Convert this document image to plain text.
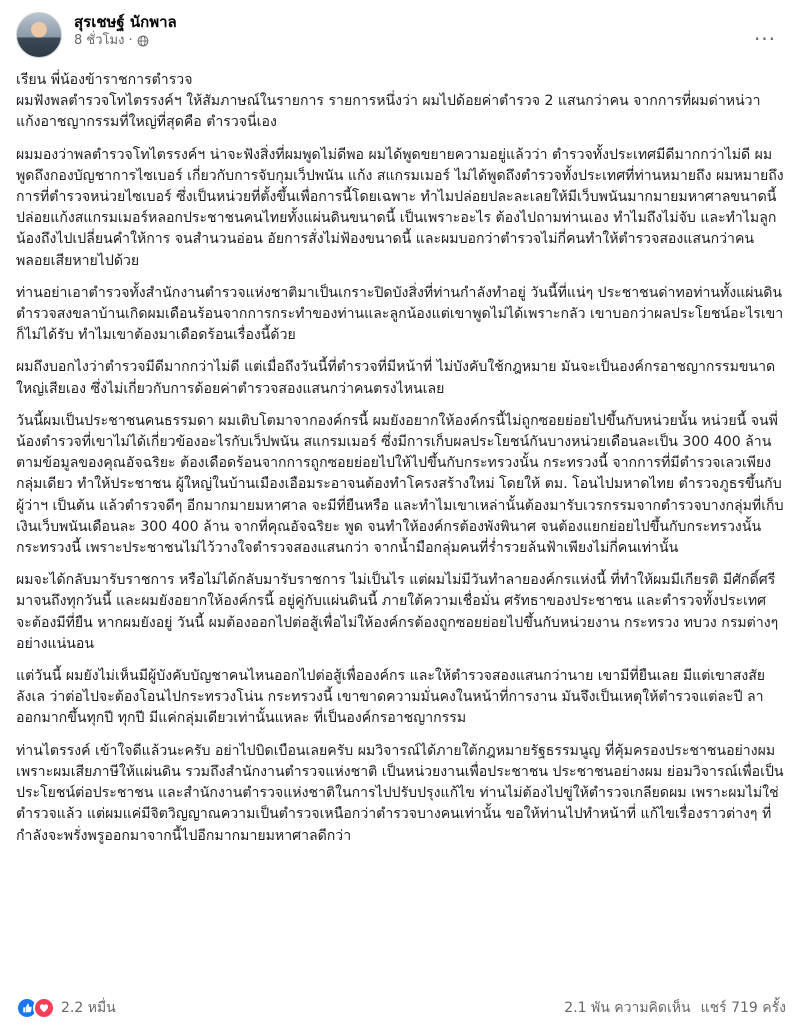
สุรเชษฐ์ นักพาล
8 ชั่วโมง ·	···

เรียน พี่น้องข้าราชการตำรวจ
ผมฟังพลตำรวจโทไตรรงค์ฯ ให้สัมภาษณ์ในรายการ รายการหนึ่งว่า ผมไปด้อยค่าตำรวจ 2 แสนกว่าคน จากการที่ผมด่าหน่วา แก้งอาชญากรรมที่ใหญ่ที่สุดคือ ตำรวจนี่เอง

ผมมองว่าพลตำรวจโทไตรรงค์ฯ น่าจะฟังสิ่งที่ผมพูดไม่ดีพอ ผมได้พูดขยายความอยู่แล้วว่า ตำรวจทั้งประเทศมีดีมากกว่าไม่ดี ผมพูดถึงกองบัญชาการไซเบอร์ เกี่ยวกับการจับกุมเว็ปพนัน แก้ง สแกรมเมอร์ ไม่ได้พูดถึงตำรวจทั้งประเทศที่ท่านหมายถึง ผมหมายถึงการที่ตำรวจหน่วยไซเบอร์ ซึ่งเป็นหน่วยที่ตั้งขึ้นเพื่อการนี้โดยเฉพาะ ทำไมปล่อยปละละเลยให้มีเว็บพนันมากมายมหาศาลขนาดนี้ ปล่อยแก้งสแกรมเมอร์หลอกประชาชนคนไทยทั้งแผ่นดินขนาดนี้ เป็นเพราะอะไร ต้องไปถามท่านเอง ทำไมถึงไม่จับ และทำไมลูกน้องถึงไปเปลี่ยนคำให้การ จนสำนวนอ่อน อัยการสั่งไม่ฟ้องขนาดนี้ และผมบอกว่าตำรวจไม่กี่คนทำให้ตำรวจสองแสนกว่าคนพลอยเสียหายไปด้วย

ท่านอย่าเอาตำรวจทั้งสำนักงานตำรวจแห่งชาติมาเป็นเกราะปิดบังสิ่งที่ท่านกำลังทำอยู่ วันนี้ที่แน่ๆ ประชาชนด่าทอท่านทั้งแผ่นดิน ตำรวจสงขลาบ้านเกิดผมเดือนร้อนจากการกระทำของท่านและลูกน้องแต่เขาพูดไม่ได้เพราะกลัว เขาบอกว่าผลประโยชน์อะไรเขาก็ไม่ได้รับ ทำไมเขาต้องมาเดือดร้อนเรื่องนี้ด้วย

ผมถึงบอกไงว่าตำรวจมีดีมากกว่าไม่ดี แต่เมื่อถึงวันนี้ที่ตำรวจที่มีหน้าที่ ไม่บังคับใช้กฎหมาย มันจะเป็นองค์กรอาชญากรรมขนาดใหญ่เสียเอง ซึ่งไม่เกี่ยวกับการด้อยค่าตำรวจสองแสนกว่าคนตรงไหนเลย

วันนี้ผมเป็นประชาชนคนธรรมดา ผมเติบโตมาจากองค์กรนี้ ผมยังอยากให้องค์กรนี้ไม่ถูกซอยย่อยไปขึ้นกับหน่วยนั้น หน่วยนี้ จนพี่น้องตำรวจที่เขาไม่ได้เกี่ยวข้องอะไรกับเว็ปพนัน สแกรมเมอร์ ซึ่งมีการเก็บผลประโยชน์กันบางหน่วยเดือนละเป็น 300 400 ล้าน ตามข้อมูลของคุณอัจฉริยะ ต้องเดือดร้อนจากการถูกซอยย่อยไปให้ไปขึ้นกับกระทรวงนั้น กระทรวงนี้ จากการที่มีตำรวจเลวเพียงกลุ่มเดียว ทำให้ประชาชน ผู้ใหญ่ในบ้านเมืองเอือมระอาจนต้องทำโครงสร้างใหม่ โดยให้ ตม. โอนไปมหาดไทย ตำรวจภูธรขึ้นกับผู้ว่าฯ เป็นต้น แล้วตำรวจดีๆ อีกมากมายมหาศาล จะมีที่ยืนหรือ และทำไมเขาเหล่านั้นต้องมารับเวรกรรมจากตำรวจบางกลุ่มที่เก็บเงินเว็บพนันเดือนละ 300 400 ล้าน จากที่คุณอัจฉริยะ พูด จนทำให้องค์กรต้องพังพินาศ จนต้องแยกย่อยไปขึ้นกับกระทรวงนั้น กระทรวงนี้ เพราะประชาชนไม่ไว้วางใจตำรวจสองแสนกว่า จากน้ำมือกลุ่มคนที่ร่ำรวยล้นฟ้าเพียงไม่กี่คนเท่านั้น

ผมจะได้กลับมารับราชการ หรือไม่ได้กลับมารับราชการ ไม่เป็นไร แต่ผมไม่มีวันทำลายองค์กรแห่งนี้ ที่ทำให้ผมมีเกียรติ มีศักดิ์ศรี มาจนถึงทุกวันนี้ และผมยังอยากให้องค์กรนี้ อยู่คู่กับแผ่นดินนี้ ภายใต้ความเชื่อมั่น ศรัทธาของประชาชน และตำรวจทั้งประเทศ จะต้องมีที่ยืน หากผมยังอยู่ วันนี้ ผมต้องออกไปต่อสู้เพื่อไม่ให้องค์กรต้องถูกซอยย่อยไปขึ้นกับหน่วยงาน กระทรวง ทบวง กรมต่างๆ อย่างแน่นอน

แต่วันนี้ ผมยังไม่เห็นมีผู้บังคับบัญชาคนไหนออกไปต่อสู้เพื่อองค์กร และให้ตำรวจสองแสนกว่านาย เขามีที่ยืนเลย มีแต่เขาสงสัย ลังเล ว่าต่อไปจะต้องโอนไปกระทรวงโน่น กระทรวงนี้ เขาขาดความมั่นคงในหน้าที่การงาน มันจึงเป็นเหตุให้ตำรวจแต่ละปี ลาออกมากขึ้นทุกปี ทุกปี มีแค่กลุ่มเดียวเท่านั้นแหละ ที่เป็นองค์กรอาชญากรรม

ท่านไตรรงค์ เข้าใจดีแล้วนะครับ อย่าไปบิดเบือนเลยครับ ผมวิจารณ์ได้ภายใต้กฎหมายรัฐธรรมนูญ ที่คุ้มครองประชาชนอย่างผม เพราะผมเสียภาษีให้แผ่นดิน รวมถึงสำนักงานตำรวจแห่งชาติ เป็นหน่วยงานเพื่อประชาชน ประชาชนอย่างผม ย่อมวิจารณ์เพื่อเป็นประโยชน์ต่อประชาชน และสำนักงานตำรวจแห่งชาติในการไปปรับปรุงแก้ไข ท่านไม่ต้องไปขู่ให้ตำรวจเกลียดผม เพราะผมไม่ใช่ตำรวจแล้ว แต่ผมแค่มีจิตวิญญาณความเป็นตำรวจเหนือกว่าตำรวจบางคนเท่านั้น ขอให้ท่านไปทำหน้าที่ แก้ไขเรื่องราวต่างๆ ที่กำลังจะพรั่งพรูออกมาจากนี้ไปอีกมากมายมหาศาลดีกว่า

2.2 หมื่น	2.1 พัน ความคิดเห็น แชร์ 719 ครั้ง
